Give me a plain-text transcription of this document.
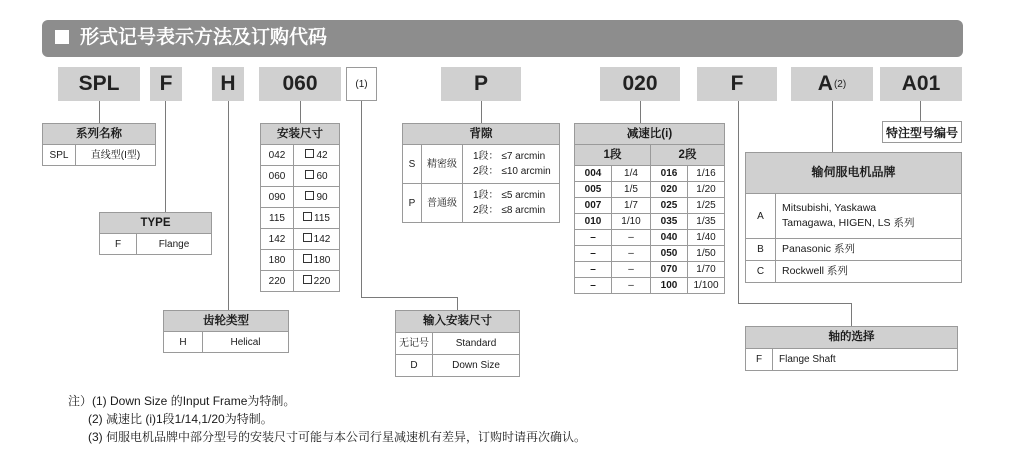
形式记号表示方法及订购代码
SPL F H 060	(1)	P	020	F	A (2)	A01
系列名称
SPL	直线型(I型)
TYPE
F	Flange
齿轮类型
H	Helical
安装尺寸	
042	42
060	60
090	90
115	115
142	142
180	180
220	220
背隙		
S	精密级	1段： ≤7 arcmin
2段： ≤10 arcmin

P	普通级	1段： ≤5 arcmin
2段： ≤8 arcmin
输入安装尺寸	
无记号	Standard
D	Down Size
减速比(i)			
1段		2段	
004	1/4	016	1/16
005	1/5	020	1/20
007	1/7	025	1/25
010	1/10	035	1/35
–	–	040	1/40
–	–	050	1/50
–	–	070	1/70
–	–	100	1/100
特注型号编号
输伺服电机品牌	
A	Mitsubishi, Yaskawa
Tamagawa, HIGEN, LS 系列

B	Panasonic 系列
C	Rockwell 系列
轴的选择
F	Flange Shaft
注）(1) Down Size 的Input Frame为特制。
(2) 减速比 (i)1段1/14,1/20为特制。
(3) 伺服电机品牌中部分型号的安装尺寸可能与本公司行星减速机有差异，订购时请再次确认。
